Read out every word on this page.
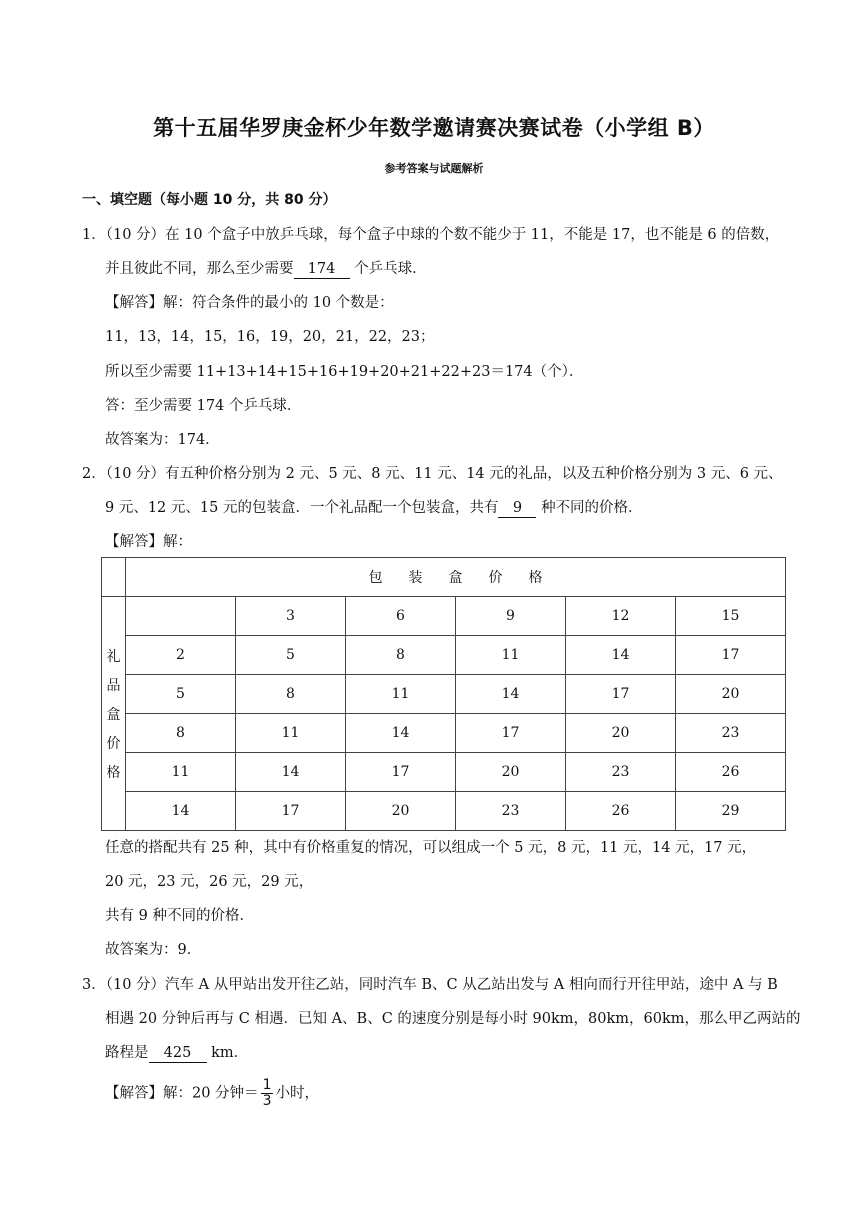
第十五届华罗庚金杯少年数学邀请赛决赛试卷（小学组 B）
参考答案与试题解析
一、填空题（每小题 10 分，共 80 分）
1．（10 分）在 10 个盒子中放乒乓球，每个盒子中球的个数不能少于 11，不能是 17，也不能是 6 的倍数，
并且彼此不同，那么至少需要 174 个乒乓球．
【解答】解：符合条件的最小的 10 个数是：
11，13，14，15，16，19，20，21，22，23；
所以至少需要 11+13+14+15+16+19+20+21+22+23＝174（个）．
答：至少需要 174 个乒乓球．
故答案为：174．
2．（10 分）有五种价格分别为 2 元、5 元、8 元、11 元、14 元的礼品，以及五种价格分别为 3 元、6 元、
9 元、12 元、15 元的包装盒．一个礼品配一个包装盒，共有 9 种不同的价格．
【解答】解：
	包装盒价格					

礼
品
盒
价
格		3	6	9	12	15
	2	5	8	11	14	17
	5	8	11	14	17	20
	8	11	14	17	20	23
	11	14	17	20	23	26
	14	17	20	23	26	29
任意的搭配共有 25 种，其中有价格重复的情况，可以组成一个 5 元，8 元，11 元，14 元，17 元，
20 元，23 元，26 元，29 元，
共有 9 种不同的价格．
故答案为：9．
3．（10 分）汽车 A 从甲站出发开往乙站，同时汽车 B、C 从乙站出发与 A 相向而行开往甲站，途中 A 与 B
相遇 20 分钟后再与 C 相遇．已知 A、B、C 的速度分别是每小时 90km，80km，60km，那么甲乙两站的
路程是 425 km．
【解答】解：20 分钟＝ $\frac{1}{3}$ 小时，
